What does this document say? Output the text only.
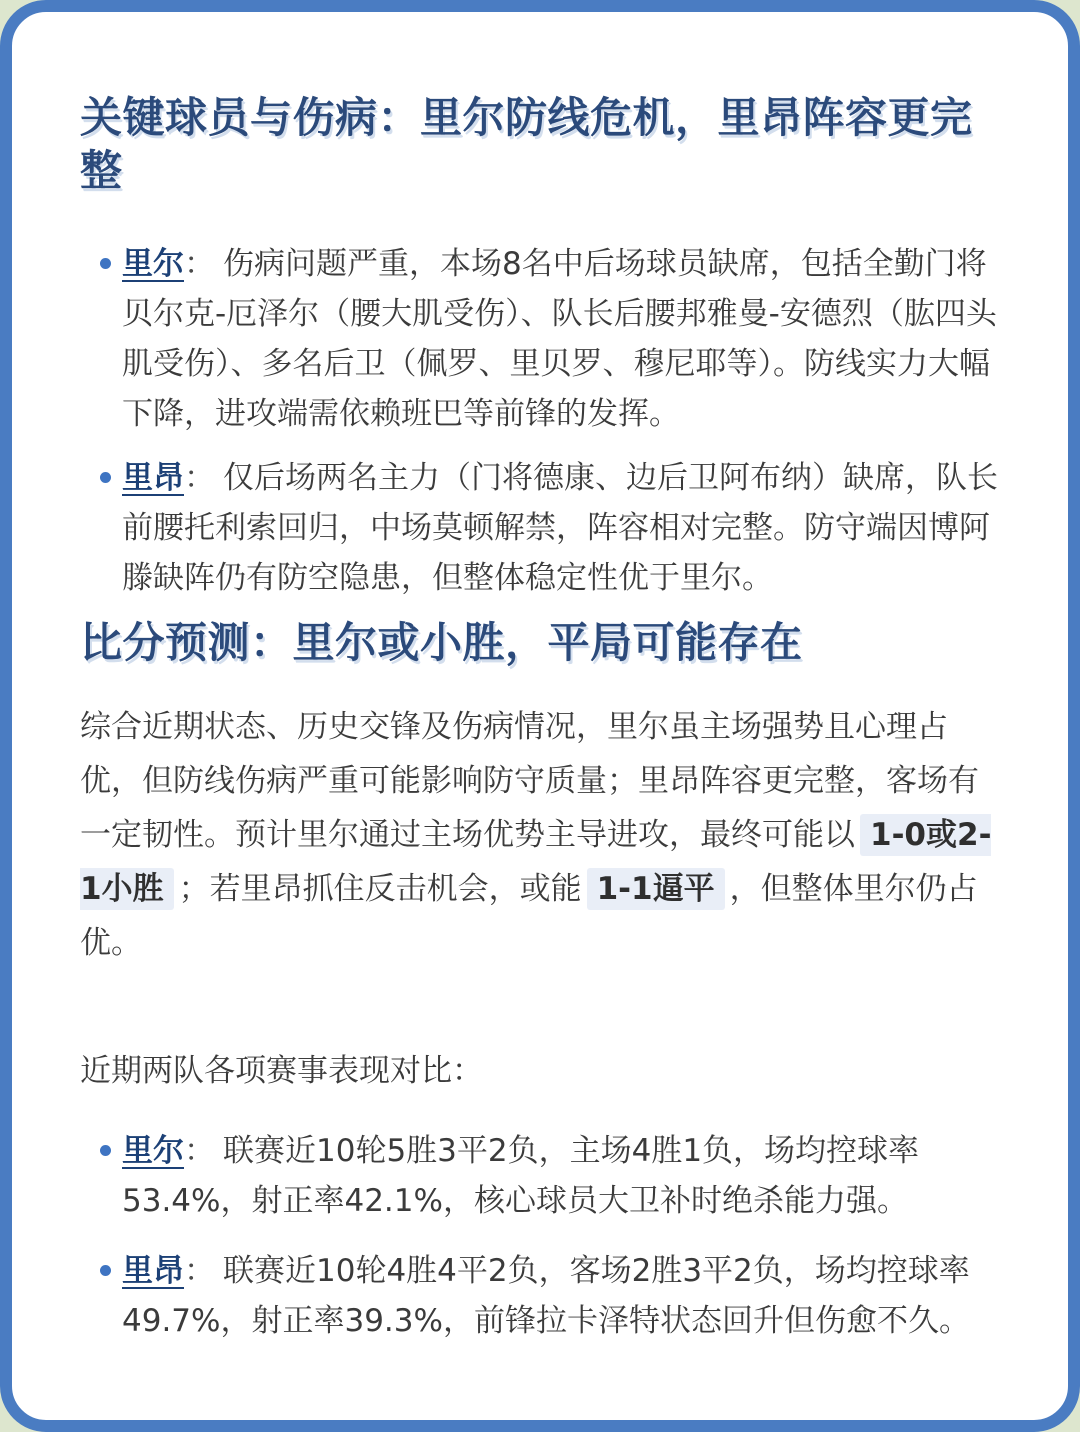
关键球员与伤病：里尔防线危机，里昂阵容更完整
里尔： 伤病问题严重，本场8名中后场球员缺席，包括全勤门将贝尔克-厄泽尔（腰大肌受伤）、队长后腰邦雅曼-安德烈（肱四头肌受伤）、多名后卫（佩罗、里贝罗、穆尼耶等）。防线实力大幅下降，进攻端需依赖班巴等前锋的发挥。
里昂： 仅后场两名主力（门将德康、边后卫阿布纳）缺席，队长前腰托利索回归，中场莫顿解禁，阵容相对完整。防守端因博阿滕缺阵仍有防空隐患，但整体稳定性优于里尔。
比分预测：里尔或小胜，平局可能存在

综合近期状态、历史交锋及伤病情况，里尔虽主场强势且心理占优，但防线伤病严重可能影响防守质量；里昂阵容更完整，客场有一定韧性。预计里尔通过主场优势主导进攻，最终可能以 1-0或2-1小胜 ；若里昂抓住反击机会，或能 1-1逼平 ，但整体里尔仍占优。

近期两队各项赛事表现对比：

里尔： 联赛近10轮5胜3平2负，主场4胜1负，场均控球率53.4%，射正率42.1%，核心球员大卫补时绝杀能力强。
里昂： 联赛近10轮4胜4平2负，客场2胜3平2负，场均控球率49.7%，射正率39.3%，前锋拉卡泽特状态回升但伤愈不久。
